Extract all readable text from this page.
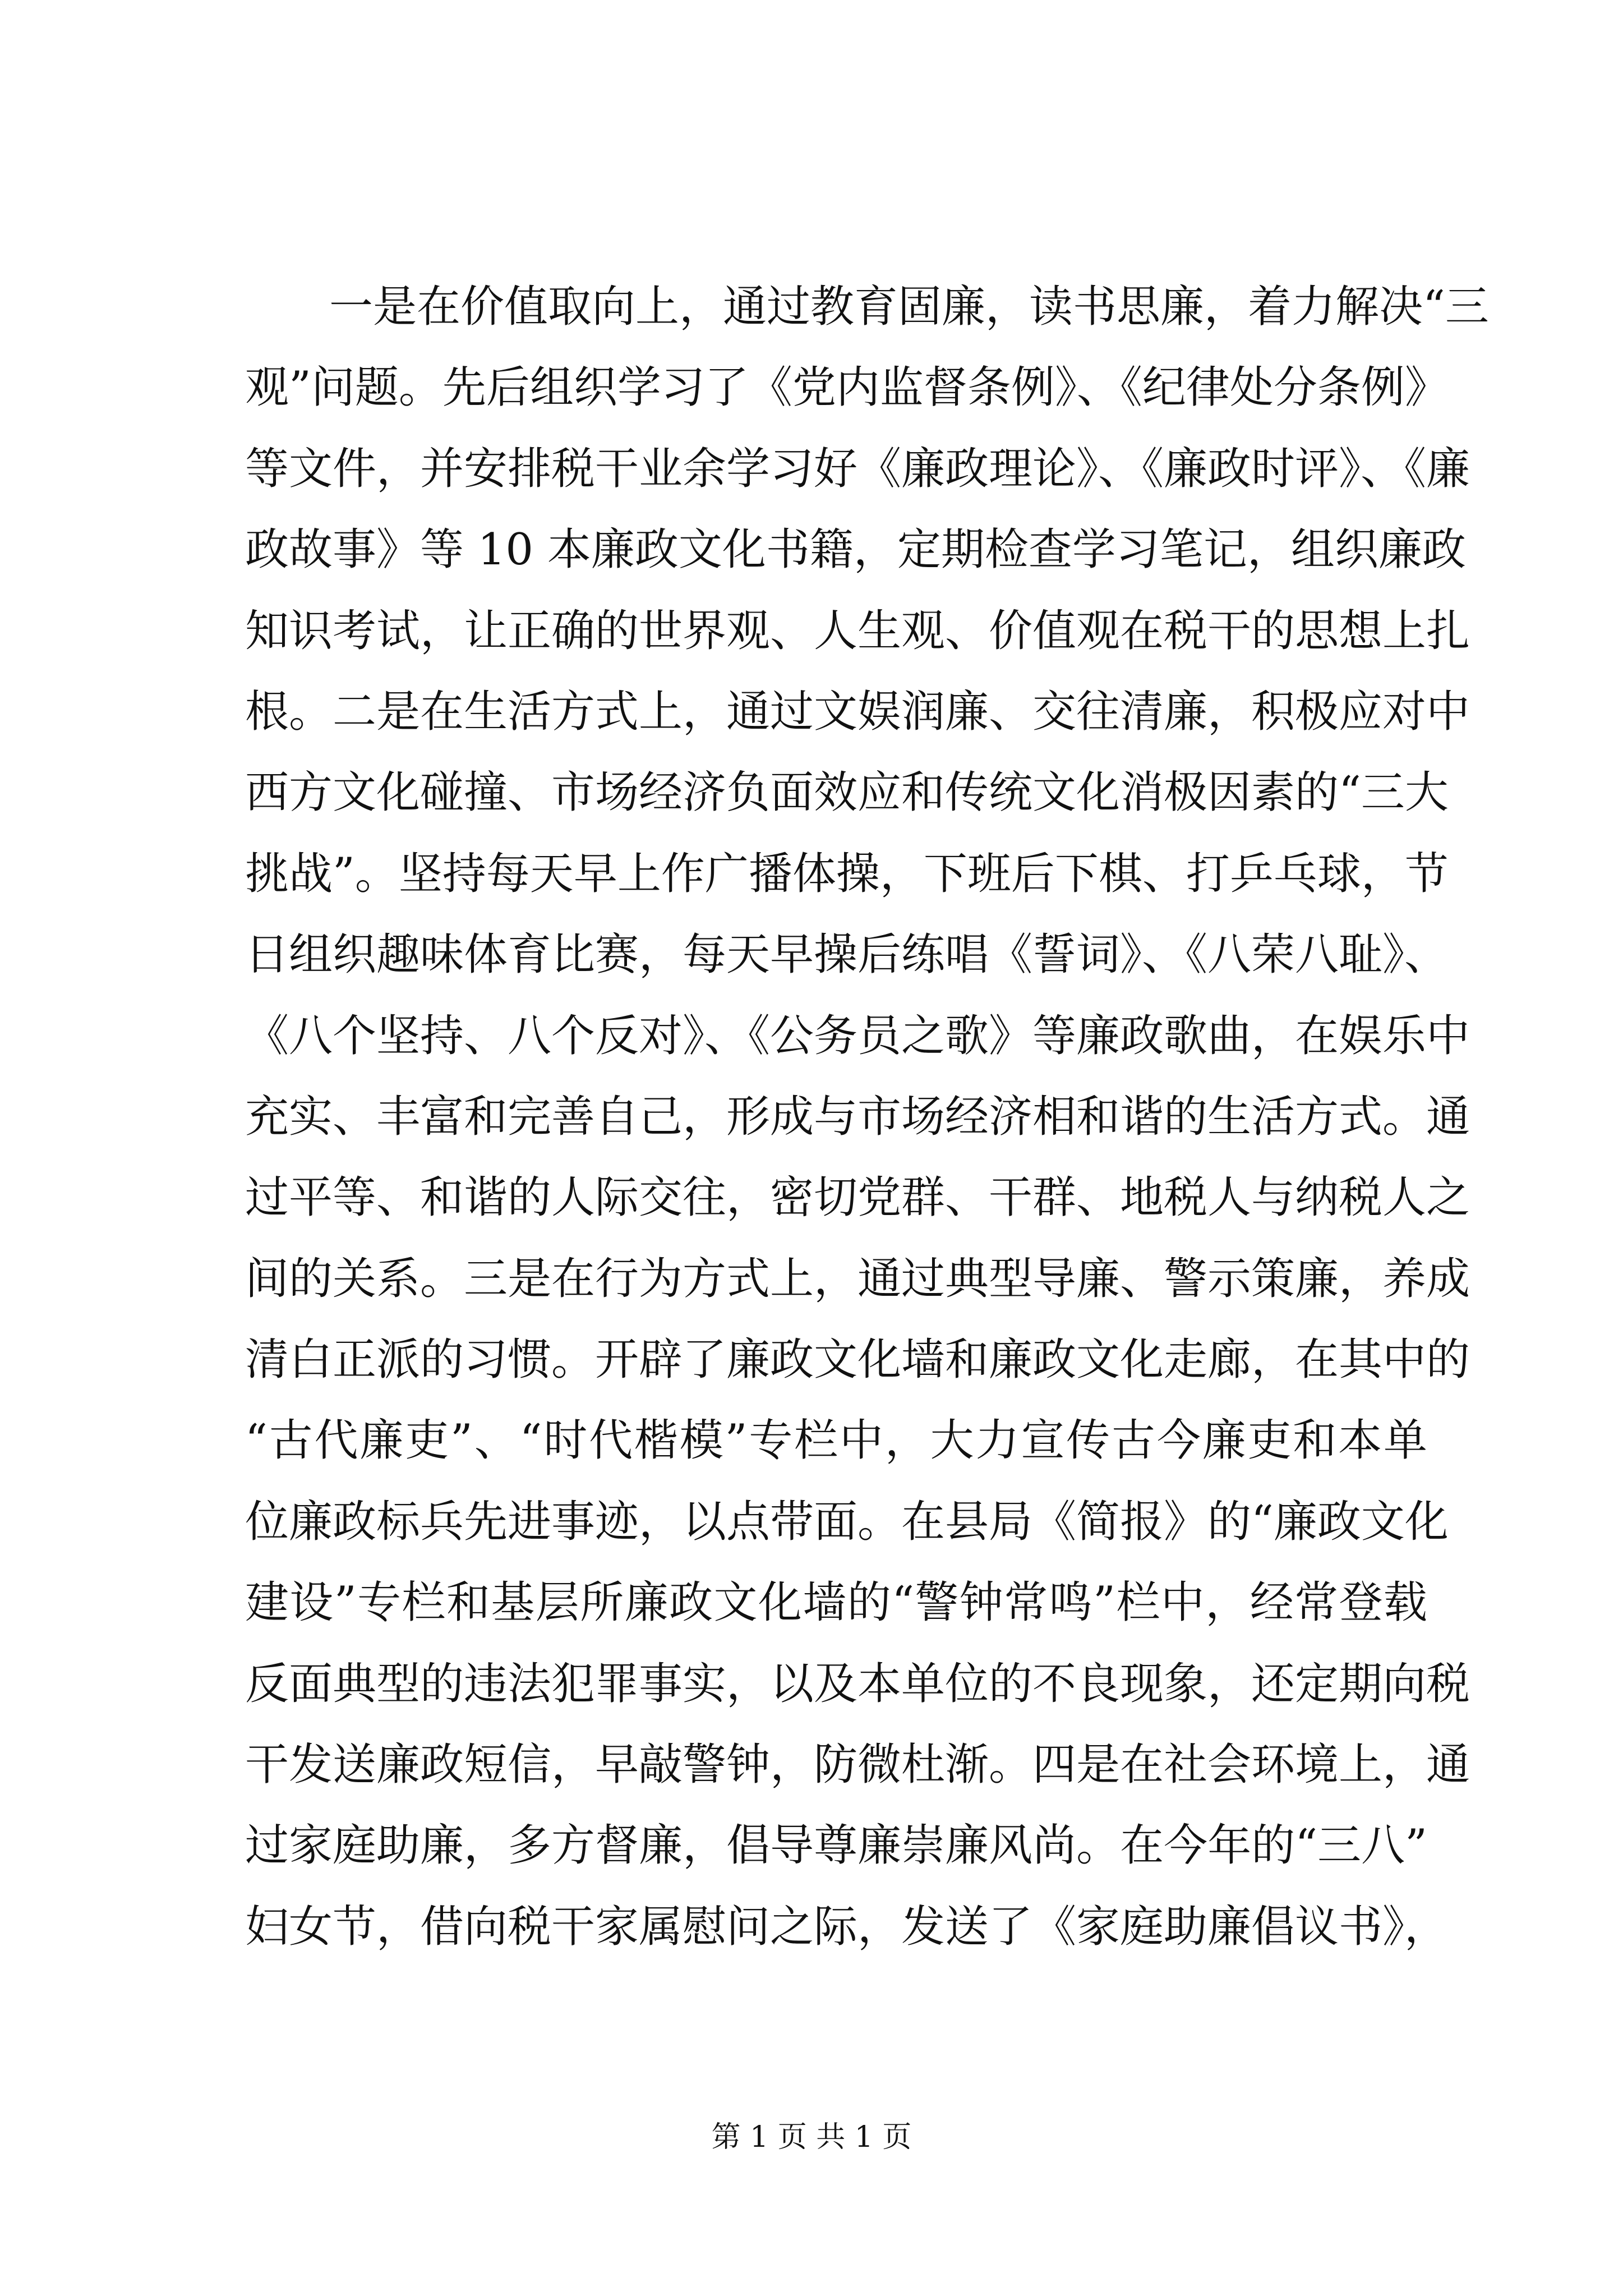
一是在价值取向上，通过教育固廉，读书思廉，着力解决“三
观”问题。先后组织学习了《党内监督条例》、《纪律处分条例》
等文件，并安排税干业余学习好《廉政理论》、《廉政时评》、《廉
政故事》等 10 本廉政文化书籍，定期检查学习笔记，组织廉政
知识考试，让正确的世界观、人生观、价值观在税干的思想上扎
根。二是在生活方式上，通过文娱润廉、交往清廉，积极应对中
西方文化碰撞、市场经济负面效应和传统文化消极因素的“三大
挑战”。坚持每天早上作广播体操，下班后下棋、打乒乓球，节
日组织趣味体育比赛，每天早操后练唱《誓词》、《八荣八耻》、
《八个坚持、八个反对》、《公务员之歌》等廉政歌曲，在娱乐中
充实、丰富和完善自己，形成与市场经济相和谐的生活方式。通
过平等、和谐的人际交往，密切党群、干群、地税人与纳税人之
间的关系。三是在行为方式上，通过典型导廉、警示策廉，养成
清白正派的习惯。开辟了廉政文化墙和廉政文化走廊，在其中的
“古代廉吏”、“时代楷模”专栏中，大力宣传古今廉吏和本单
位廉政标兵先进事迹，以点带面。在县局《简报》的“廉政文化
建设”专栏和基层所廉政文化墙的“警钟常鸣”栏中，经常登载
反面典型的违法犯罪事实，以及本单位的不良现象，还定期向税
干发送廉政短信，早敲警钟，防微杜渐。四是在社会环境上，通
过家庭助廉，多方督廉，倡导尊廉崇廉风尚。在今年的“三八”
妇女节，借向税干家属慰问之际，发送了《家庭助廉倡议书》，
第 1 页 共 1 页
